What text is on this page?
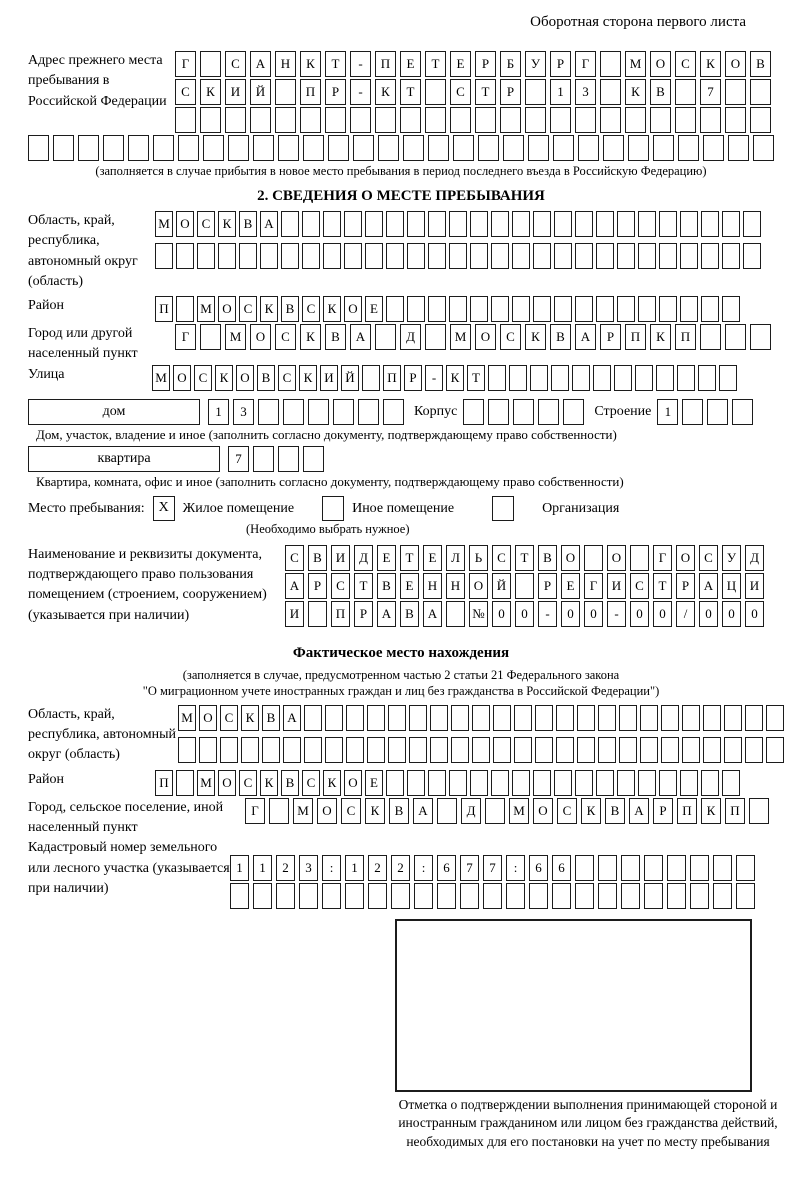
Оборотная сторона первого листа
Адрес прежнего места пребывания в Российской Федерации
Г	С	А	Н	К	Т	-	П	Е	Т	Е	Р	Б	У	Р	Г	М	О	С	К	О	В
С	К	И	Й	П	Р	-	К	Т	С	Т	Р	1	3	К	В	7
(заполняется в случае прибытия в новое место пребывания в период последнего въезда в Российскую Федерацию)
2. СВЕДЕНИЯ О МЕСТЕ ПРЕБЫВАНИЯ
Область, край, республика, автономный округ (область)
М О С К В А
Район	П	М О С К В С К О Е
Город или другой населенный пункт
Г	М	О	С	К	В	А	Д	М	О	С	К	В	А	Р	П	К	П
Улица	М О С К О В С К И Й	П Р	-	К Т
дом	1	3	Корпус	Строение	1
Дом, участок, владение и иное (заполнить согласно документу, подтверждающему право собственности)
квартира	7
Квартира, комната, офис и иное (заполнить согласно документу, подтверждающему право собственности)
Место пребывания: X Жилое помещение	Иное помещение	Организация
(Необходимо выбрать нужное)
Наименование и реквизиты документа, подтверждающего право пользования помещением (строением, сооружением) (указывается при наличии)
С	В	И	Д	Е	Т	Е	Л	Ь	С	Т	В	О	О	Г	О	С	У	Д
А	Р	С	Т	В	Е	Н	Н	О	Й	Р	Е	Г	И	С	Т	Р	А	Ц	И
И	П	Р	А	В	А	№	0	0	-	0	0	-	0	0	/	0	0	0
Фактическое место нахождения
(заполняется в случае, предусмотренном частью 2 статьи 21 Федерального закона
"О миграционном учете иностранных граждан и лиц без гражданства в Российской Федерации")
Область, край, республика, автономный округ (область)
М О С К В А
Район	П	М О С К В С К О Е
Город, сельское поселение, иной населенный пункт
Г	М	О	С	К	В	А	Д	М	О	С	К	В	А	Р	П	К	П
Кадастровый номер земельного или лесного участка (указывается при наличии)
1	1	2	3	:	1	2	2	:	6	7	7	:	6	6
Отметка о подтверждении выполнения принимающей стороной и иностранным гражданином или лицом без гражданства действий, необходимых для его постановки на учет по месту пребывания
